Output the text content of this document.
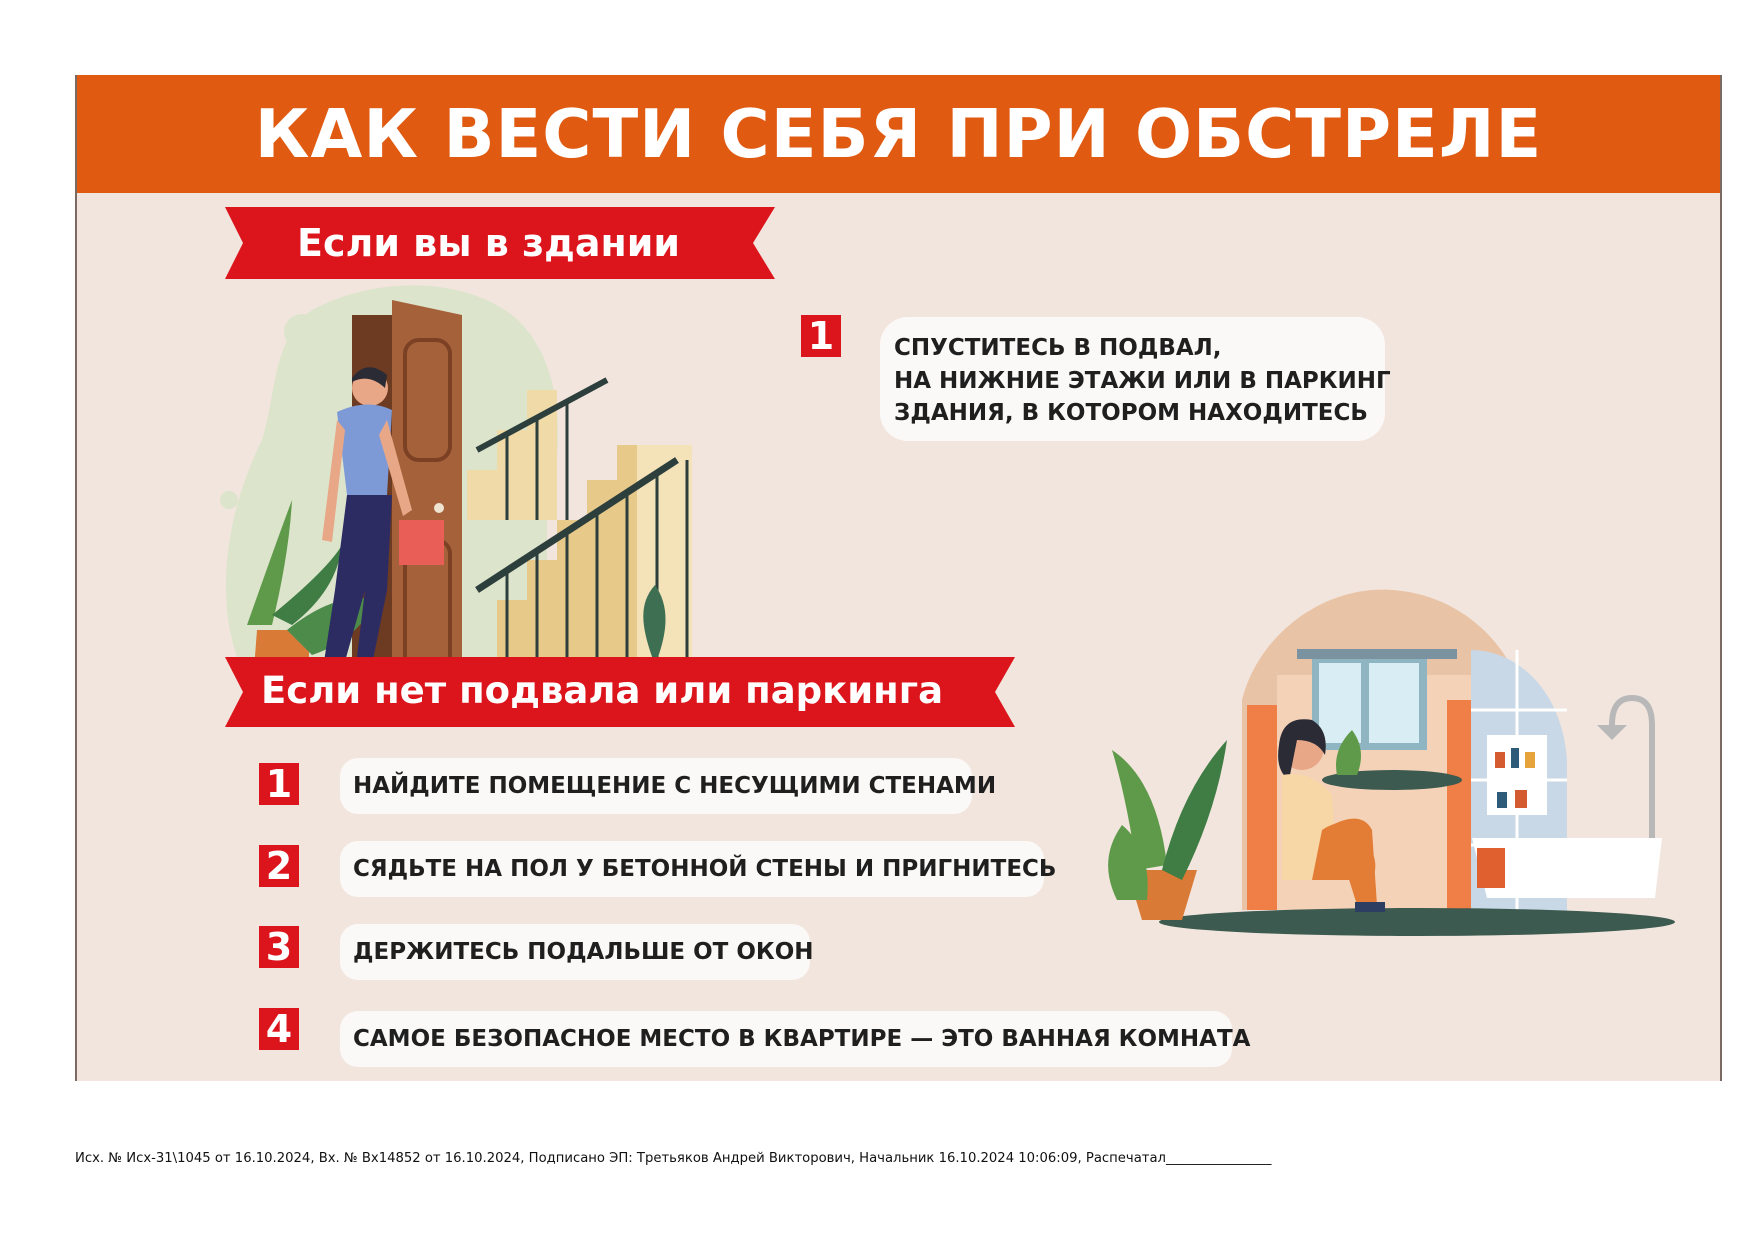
КАК ВЕСТИ СЕБЯ ПРИ ОБСТРЕЛЕ
Если вы в здании
1	СПУСТИТЕСЬ В ПОДВАЛ,
НА НИЖНИЕ ЭТАЖИ ИЛИ В ПАРКИНГ
ЗДАНИЯ, В КОТОРОМ НАХОДИТЕСЬ
Если нет подвала или паркинга
1	НАЙДИТЕ ПОМЕЩЕНИЕ С НЕСУЩИМИ СТЕНАМИ
2	СЯДЬТЕ НА ПОЛ У БЕТОННОЙ СТЕНЫ И ПРИГНИТЕСЬ
3	ДЕРЖИТЕСЬ ПОДАЛЬШЕ ОТ ОКОН
4	САМОЕ БЕЗОПАСНОЕ МЕСТО В КВАРТИРЕ — ЭТО ВАННАЯ КОМНАТА
Исх. № Исх-31\1045 от 16.10.2024, Вх. № Вх14852 от 16.10.2024, Подписано ЭП: Третьяков Андрей Викторович, Начальник 16.10.2024 10:06:09, Распечатал________________
